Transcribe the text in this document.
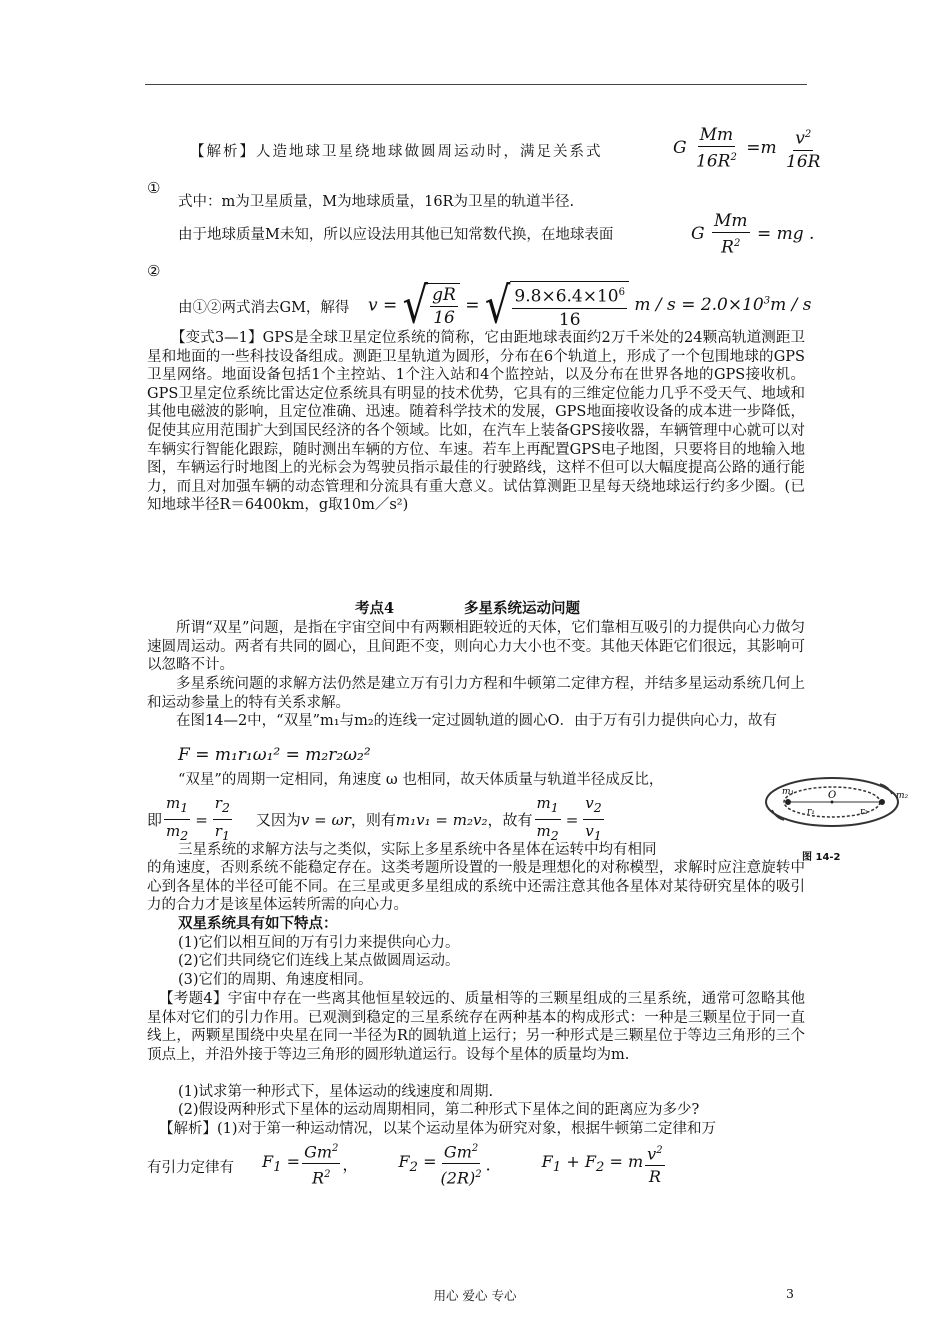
【解析】人造地球卫星绕地球做圆周运动时，满足关系式	G $\frac{Mm}{16R^2} =m \frac{v^2}{16R}$
①
式中：m为卫星质量，M为地球质量，16R为卫星的轨道半径.
由于地球质量M未知，所以应设法用其他已知常数代换，在地球表面	G $\frac{Mm}{R^2}$ = mg .
②
由①②两式消去GM，解得 v = √ $\frac{gR}{16}$ = √ $\frac{9.8\times 6.4\times 10^6}{16}$ $m / s = 2.0\times 10^3m / s$
【变式3—1】GPS是全球卫星定位系统的简称，它由距地球表面约2万千米处的24颗高轨道测距卫星和地面的一些科技设备组成。测距卫星轨道为圆形，分布在6个轨道上，形成了一个包围地球的GPS卫星网络。地面设备包括1个主控站、1个注入站和4个监控站，以及分布在世界各地的GPS接收机。GPS卫星定位系统比雷达定位系统具有明显的技术优势，它具有的三维定位能力几乎不受天气、地域和其他电磁波的影响，且定位准确、迅速。随着科学技术的发展，GPS地面接收设备的成本进一步降低，促使其应用范围扩大到国民经济的各个领域。比如，在汽车上装备GPS接收器，车辆管理中心就可以对车辆实行智能化跟踪，随时测出车辆的方位、车速。若车上再配置GPS电子地图，只要将目的地输入地图，车辆运行时地图上的光标会为驾驶员指示最佳的行驶路线，这样不但可以大幅度提高公路的通行能力，而且对加强车辆的动态管理和分流具有重大意义。试估算测距卫星每天绕地球运行约多少圈。(已知地球半径R＝6400km，g取10m／s²)
考点4	多星系统运动问题
所谓“双星”问题，是指在宇宙空间中有两颗相距较近的天体，它们靠相互吸引的力提供向心力做匀速圆周运动。两者有共同的圆心，且间距不变，则向心力大小也不变。其他天体距它们很远，其影响可以忽略不计。
多星系统问题的求解方法仍然是建立万有引力方程和牛顿第二定律方程，并结多星运动系统几何上和运动参量上的特有关系求解。
在图14—2中，“双星”m₁与m₂的连线一定过圆轨道的圆心O．由于万有引力提供向心力，故有
F = m₁r₁ω₁² = m₂r₂ω₂²
“双星”的周期一定相同，角速度 ω 也相同，故天体质量与轨道半径成反比，
即 $\frac{m_1}{m_2} = \frac{r_2}{r_1}$ 又因为 v = ωr ，则有 m₁v₁ = m₂v₂ ，故有 $\frac{m_1}{m_2} = \frac{v_2}{v_1}$	m₁	O
r₁	r₂
m₂
图 14-2
三星系统的求解方法与之类似，实际上多星系统中各星体在运转中均有相同
的角速度，否则系统不能稳定存在。这类考题所设置的一般是理想化的对称模型，求解时应注意旋转中心到各星体的半径可能不同。在三星或更多星组成的系统中还需注意其他各星体对某待研究星体的吸引力的合力才是该星体运转所需的向心力。
双星系统具有如下特点：
(1)它们以相互间的万有引力来提供向心力。
(2)它们共同绕它们连线上某点做圆周运动。
(3)它们的周期、角速度相同。
【考题4】宇宙中存在一些离其他恒星较远的、质量相等的三颗星组成的三星系统，通常可忽略其他星体对它们的引力作用。已观测到稳定的三星系统存在两种基本的构成形式：一种是三颗星位于同一直线上，两颗星围绕中央星在同一半径为R的圆轨道上运行；另一种形式是三颗星位于等边三角形的三个顶点上，并沿外接于等边三角形的圆形轨道运行。设每个星体的质量均为m.
(1)试求第一种形式下，星体运动的线速度和周期.
(2)假设两种形式下星体的运动周期相同，第二种形式下星体之间的距离应为多少?
【解析】(1)对于第一种运动情况，以某个运动星体为研究对象，根据牛顿第二定律和万
有引力定律有 $F_1 = \frac{Gm^2}{R^2}$ ，	$F_2 = \frac{Gm^2}{(2R)^2}$ ．	$F_1 + F_2 = m \frac{v^2}{R}$
用心 爱心 专心	3
